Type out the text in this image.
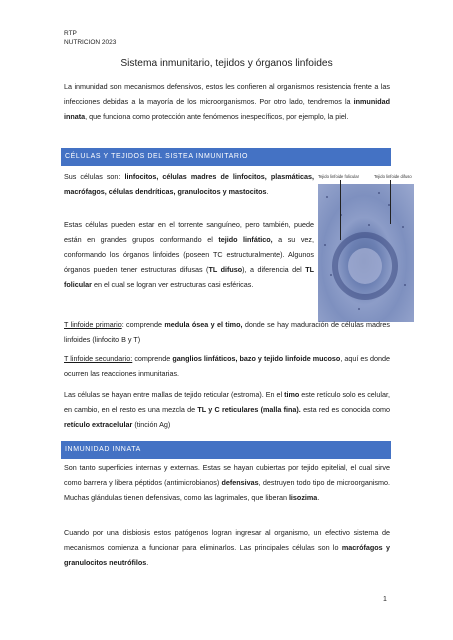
RTP
NUTRICION 2023
Sistema inmunitario, tejidos y órganos linfoides

La inmunidad son mecanismos defensivos, estos les confieren al organismos resistencia frente a las infecciones debidas a la mayoría de los microorganismos. Por otro lado, tendremos la inmunidad innata, que funciona como protección ante fenómenos inespecíficos, por ejemplo, la piel.

CÉLULAS Y TEJIDOS DEL SISTEA INMUNITARIO

Sus células son: linfocitos, células madres de linfocitos, plasmáticas, macrófagos, células dendríticas, granulocitos y mastocitos.

Estas células pueden estar en el torrente sanguíneo, pero también, puede están en grandes grupos conformando el tejido linfático, a su vez, conformando los órganos linfoides (poseen TC estructuralmente). Algunos órganos pueden tener estructuras difusas (TL difuso), a diferencia del TL folicular en el cual se logran ver estructuras casi esféricas.

Tejido linfoide folicular	Tejido linfoide difuso

T linfoide primario: comprende medula ósea y el timo, donde se hay maduración de células madres linfoides (linfocito B y T)

T linfoide secundario: comprende ganglios linfáticos, bazo y tejido linfoide mucoso, aquí es donde ocurren las reacciones inmunitarias.

Las células se hayan entre mallas de tejido reticular (estroma). En el timo este retículo solo es celular, en cambio, en el resto es una mezcla de TL y C reticulares (malla fina). esta red es conocida como retículo extracelular (tinción Ag)

INMUNIDAD INNATA

Son tanto superficies internas y externas. Estas se hayan cubiertas por tejido epitelial, el cual sirve como barrera y libera péptidos (antimicrobianos) defensivas, destruyen todo tipo de microorganismo. Muchas glándulas tienen defensivas, como las lagrimales, que liberan lisozima.

Cuando por una disbiosis estos patógenos logran ingresar al organismo, un efectivo sistema de mecanismos comienza a funcionar para eliminarlos. Las principales células son lo macrófagos y granulocitos neutrófilos.

1
